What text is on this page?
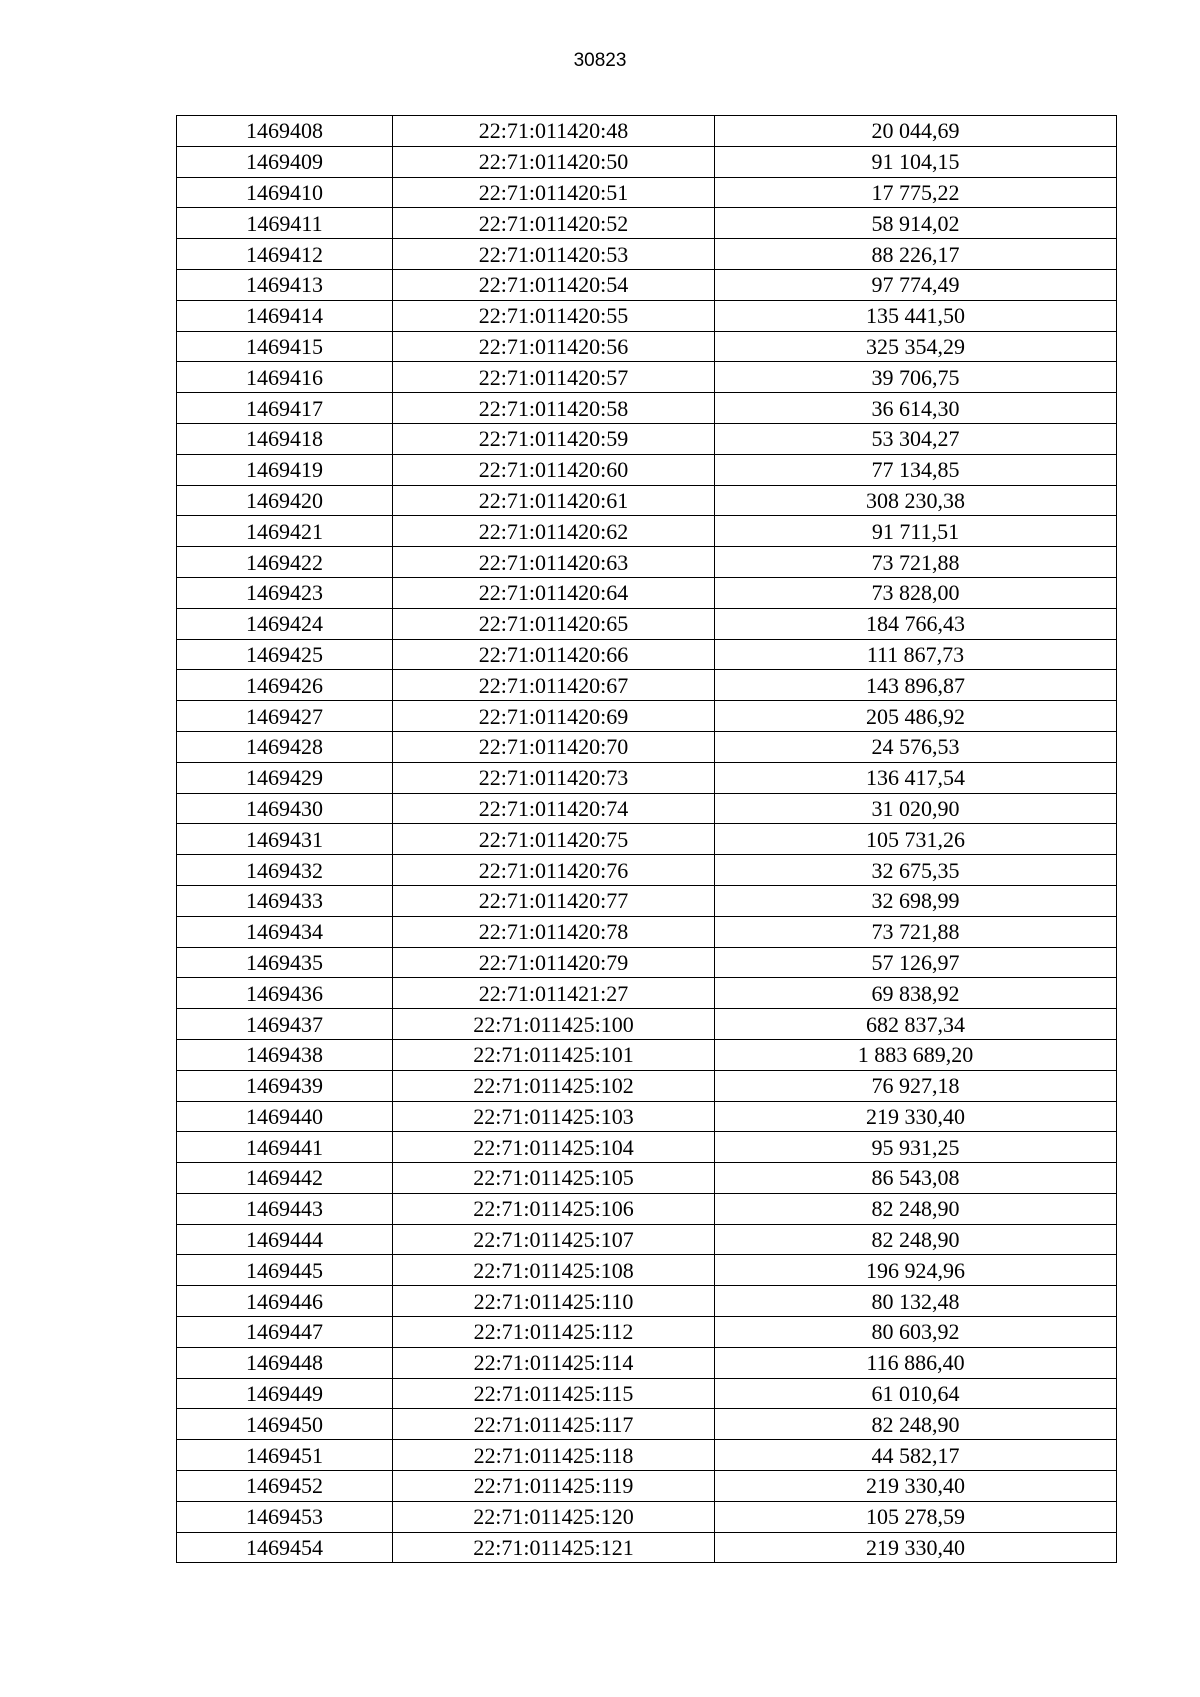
30823
1469408	22:71:011420:48	20 044,69
1469409	22:71:011420:50	91 104,15
1469410	22:71:011420:51	17 775,22
1469411	22:71:011420:52	58 914,02
1469412	22:71:011420:53	88 226,17
1469413	22:71:011420:54	97 774,49
1469414	22:71:011420:55	135 441,50
1469415	22:71:011420:56	325 354,29
1469416	22:71:011420:57	39 706,75
1469417	22:71:011420:58	36 614,30
1469418	22:71:011420:59	53 304,27
1469419	22:71:011420:60	77 134,85
1469420	22:71:011420:61	308 230,38
1469421	22:71:011420:62	91 711,51
1469422	22:71:011420:63	73 721,88
1469423	22:71:011420:64	73 828,00
1469424	22:71:011420:65	184 766,43
1469425	22:71:011420:66	111 867,73
1469426	22:71:011420:67	143 896,87
1469427	22:71:011420:69	205 486,92
1469428	22:71:011420:70	24 576,53
1469429	22:71:011420:73	136 417,54
1469430	22:71:011420:74	31 020,90
1469431	22:71:011420:75	105 731,26
1469432	22:71:011420:76	32 675,35
1469433	22:71:011420:77	32 698,99
1469434	22:71:011420:78	73 721,88
1469435	22:71:011420:79	57 126,97
1469436	22:71:011421:27	69 838,92
1469437	22:71:011425:100	682 837,34
1469438	22:71:011425:101	1 883 689,20
1469439	22:71:011425:102	76 927,18
1469440	22:71:011425:103	219 330,40
1469441	22:71:011425:104	95 931,25
1469442	22:71:011425:105	86 543,08
1469443	22:71:011425:106	82 248,90
1469444	22:71:011425:107	82 248,90
1469445	22:71:011425:108	196 924,96
1469446	22:71:011425:110	80 132,48
1469447	22:71:011425:112	80 603,92
1469448	22:71:011425:114	116 886,40
1469449	22:71:011425:115	61 010,64
1469450	22:71:011425:117	82 248,90
1469451	22:71:011425:118	44 582,17
1469452	22:71:011425:119	219 330,40
1469453	22:71:011425:120	105 278,59
1469454	22:71:011425:121	219 330,40
